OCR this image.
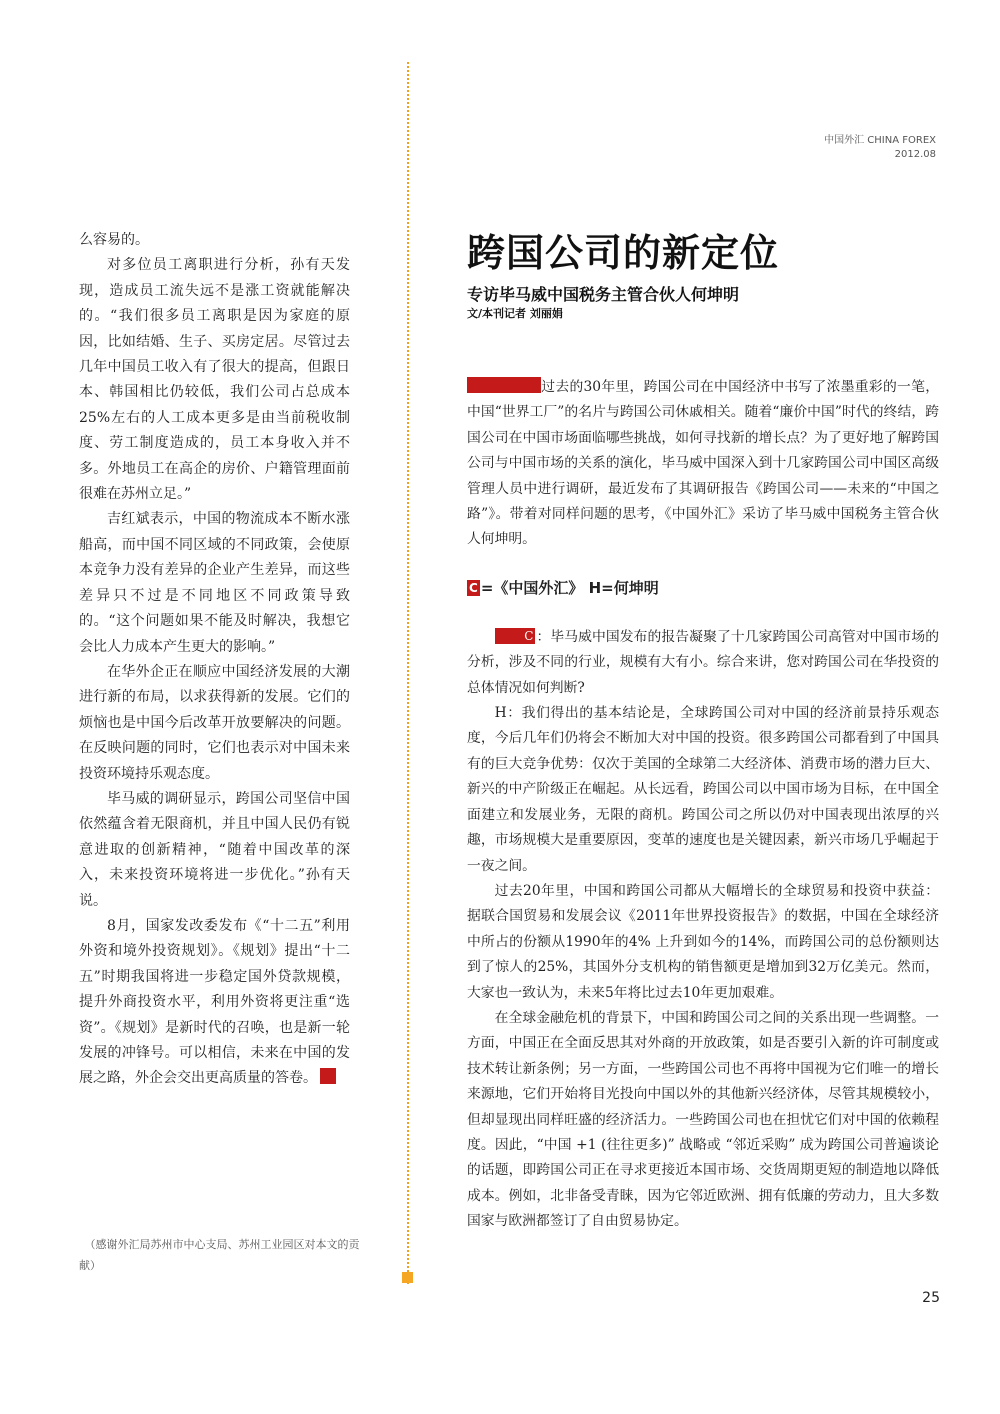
中国外汇 CHINA FOREX
2012.08

么容易的。

对多位员工离职进行分析，孙有天发现，造成员工流失远不是涨工资就能解决的。“我们很多员工离职是因为家庭的原因，比如结婚、生子、买房定居。尽管过去几年中国员工收入有了很大的提高，但跟日本、韩国相比仍较低，我们公司占总成本25%左右的人工成本更多是由当前税收制度、劳工制度造成的，员工本身收入并不多。外地员工在高企的房价、户籍管理面前很难在苏州立足。”

吉红斌表示，中国的物流成本不断水涨船高，而中国不同区域的不同政策，会使原本竞争力没有差异的企业产生差异，而这些差异只不过是不同地区不同政策导致的。“这个问题如果不能及时解决，我想它会比人力成本产生更大的影响。”

在华外企正在顺应中国经济发展的大潮进行新的布局，以求获得新的发展。它们的烦恼也是中国今后改革开放要解决的问题。在反映问题的同时，它们也表示对中国未来投资环境持乐观态度。

毕马威的调研显示，跨国公司坚信中国依然蕴含着无限商机，并且中国人民仍有锐意进取的创新精神，“随着中国改革的深入，未来投资环境将进一步优化。”孙有天说。

8月，国家发改委发布《“十二五”利用外资和境外投资规划》。《规划》提出“十二五”时期我国将进一步稳定国外贷款规模，提升外商投资水平，利用外资将更注重“选资”。《规划》是新时代的召唤，也是新一轮发展的冲锋号。可以相信，未来在中国的发展之路，外企会交出更高质量的答卷。

（感谢外汇局苏州市中心支局、苏州工业园区对本文的贡献）
跨国公司的新定位
专访毕马威中国税务主管合伙人何坤明
文/本刊记者 刘丽娟

过去的30年里，跨国公司在中国经济中书写了浓墨重彩的一笔，中国“世界工厂”的名片与跨国公司休戚相关。随着“廉价中国”时代的终结，跨国公司在中国市场面临哪些挑战，如何寻找新的增长点？为了更好地了解跨国公司与中国市场的关系的演化，毕马威中国深入到十几家跨国公司中国区高级管理人员中进行调研，最近发布了其调研报告《跨国公司——未来的“中国之路”》。带着对同样问题的思考，《中国外汇》采访了毕马威中国税务主管合伙人何坤明。

C =《中国外汇》 H=何坤明

C ：毕马威中国发布的报告凝聚了十几家跨国公司高管对中国市场的分析，涉及不同的行业，规模有大有小。综合来讲，您对跨国公司在华投资的总体情况如何判断?

H：我们得出的基本结论是，全球跨国公司对中国的经济前景持乐观态度，今后几年们仍将会不断加大对中国的投资。很多跨国公司都看到了中国具有的巨大竞争优势：仅次于美国的全球第二大经济体、消费市场的潜力巨大、新兴的中产阶级正在崛起。从长远看，跨国公司以中国市场为目标，在中国全面建立和发展业务，无限的商机。跨国公司之所以仍对中国表现出浓厚的兴趣，市场规模大是重要原因，变革的速度也是关键因素，新兴市场几乎崛起于一夜之间。

过去20年里，中国和跨国公司都从大幅增长的全球贸易和投资中获益：据联合国贸易和发展会议《2011年世界投资报告》的数据，中国在全球经济中所占的份额从1990年的4% 上升到如今的14%，而跨国公司的总份额则达到了惊人的25%，其国外分支机构的销售额更是增加到32万亿美元。然而，大家也一致认为，未来5年将比过去10年更加艰难。

在全球金融危机的背景下，中国和跨国公司之间的关系出现一些调整。一方面，中国正在全面反思其对外商的开放政策，如是否要引入新的许可制度或技术转让新条例；另一方面，一些跨国公司也不再将中国视为它们唯一的增长来源地，它们开始将目光投向中国以外的其他新兴经济体，尽管其规模较小，但却显现出同样旺盛的经济活力。一些跨国公司也在担忧它们对中国的依赖程度。因此，“中国 +1 (往往更多)” 战略或 “邻近采购” 成为跨国公司普遍谈论的话题，即跨国公司正在寻求更接近本国市场、交货周期更短的制造地以降低成本。例如，北非备受青睐，因为它邻近欧洲、拥有低廉的劳动力，且大多数国家与欧洲都签订了自由贸易协定。

25
